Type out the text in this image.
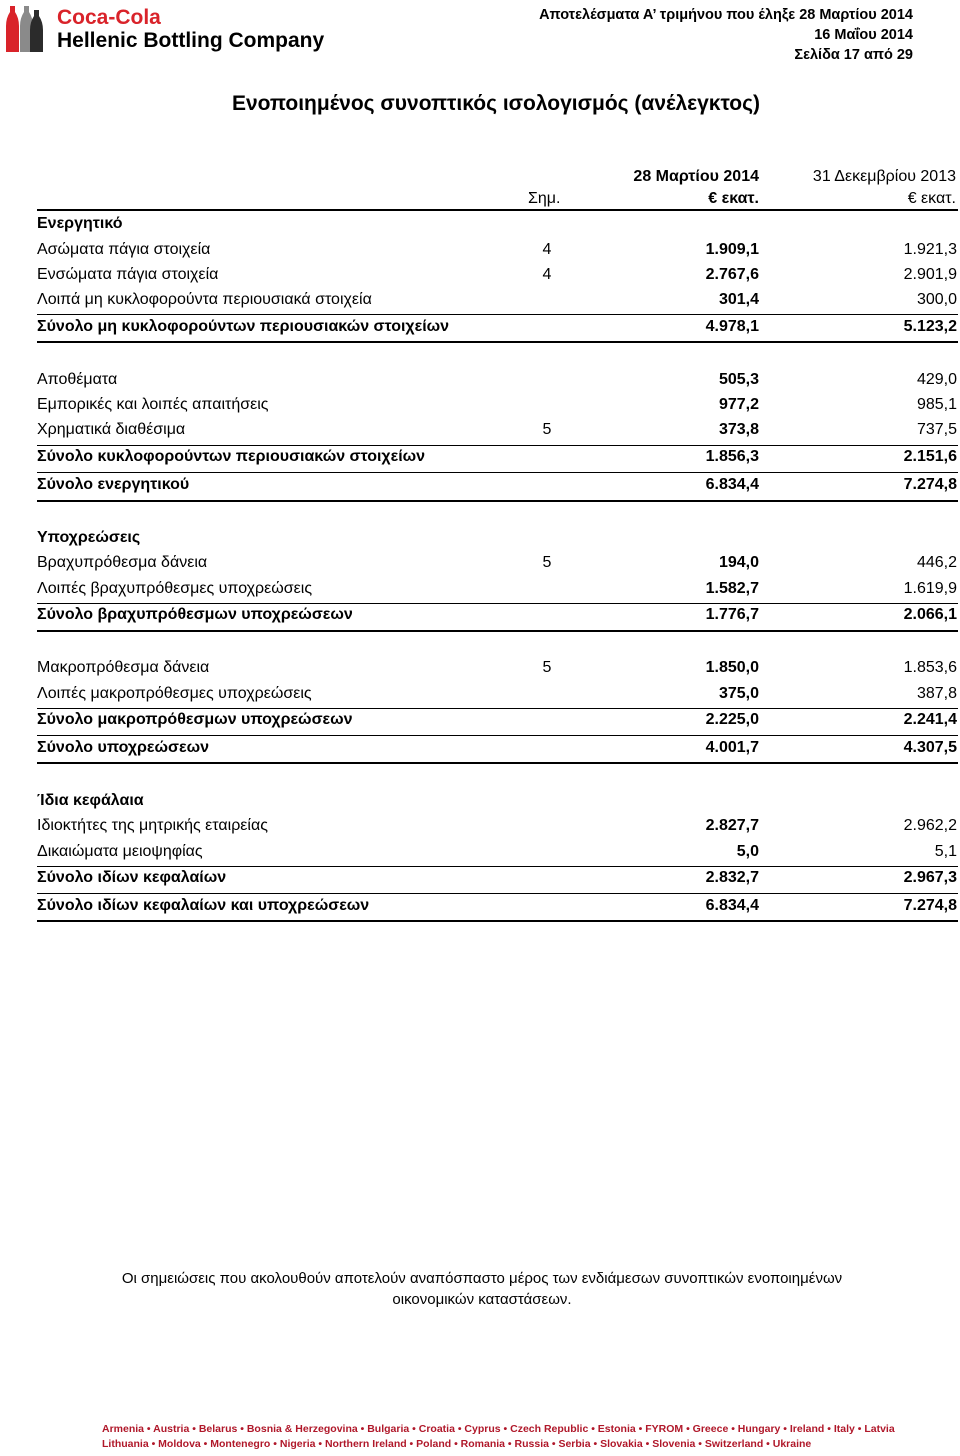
Coca-Cola
Hellenic Bottling Company
Αποτελέσματα Α’ τριμήνου που έληξε 28 Μαρτίου 2014
16 Μαΐου 2014
Σελίδα 17 από 29
Ενοποιημένος συνοπτικός ισολογισμός (ανέλεγκτος)
Σημ.
28 Μαρτίου 2014
€ εκατ.
31 Δεκεμβρίου 2013
€ εκατ.
Ενεργητικό
Ασώματα πάγια στοιχεία	4	1.909,1	1.921,3
Ενσώματα πάγια στοιχεία	4	2.767,6	2.901,9
Λοιπά μη κυκλοφορούντα περιουσιακά στοιχεία	301,4	300,0
Σύνολο μη κυκλοφορούντων περιουσιακών στοιχείων	4.978,1	5.123,2
Αποθέματα	505,3	429,0
Εμπορικές και λοιπές απαιτήσεις	977,2	985,1
Χρηματικά διαθέσιμα	5	373,8	737,5
Σύνολο κυκλοφορούντων περιουσιακών στοιχείων	1.856,3	2.151,6
Σύνολο ενεργητικού	6.834,4	7.274,8
Υποχρεώσεις
Βραχυπρόθεσμα δάνεια	5	194,0	446,2
Λοιπές βραχυπρόθεσμες υποχρεώσεις	1.582,7	1.619,9
Σύνολο βραχυπρόθεσμων υποχρεώσεων	1.776,7	2.066,1
Μακροπρόθεσμα δάνεια	5	1.850,0	1.853,6
Λοιπές μακροπρόθεσμες υποχρεώσεις	375,0	387,8
Σύνολο μακροπρόθεσμων υποχρεώσεων	2.225,0	2.241,4
Σύνολο υποχρεώσεων	4.001,7	4.307,5
Ίδια κεφάλαια
Ιδιοκτήτες της μητρικής εταιρείας	2.827,7	2.962,2
Δικαιώματα μειοψηφίας	5,0	5,1
Σύνολο ιδίων κεφαλαίων	2.832,7	2.967,3
Σύνολο ιδίων κεφαλαίων και υποχρεώσεων	6.834,4	7.274,8
Οι σημειώσεις που ακολουθούν αποτελούν αναπόσπαστο μέρος των ενδιάμεσων συνοπτικών ενοποιημένων
οικονομικών καταστάσεων.
Armenia • Austria • Belarus • Bosnia & Herzegovina • Bulgaria • Croatia • Cyprus • Czech Republic • Estonia • FYROM • Greece • Hungary • Ireland • Italy • Latvia
Lithuania • Moldova • Montenegro • Nigeria • Northern Ireland • Poland • Romania • Russia • Serbia • Slovakia • Slovenia • Switzerland • Ukraine
